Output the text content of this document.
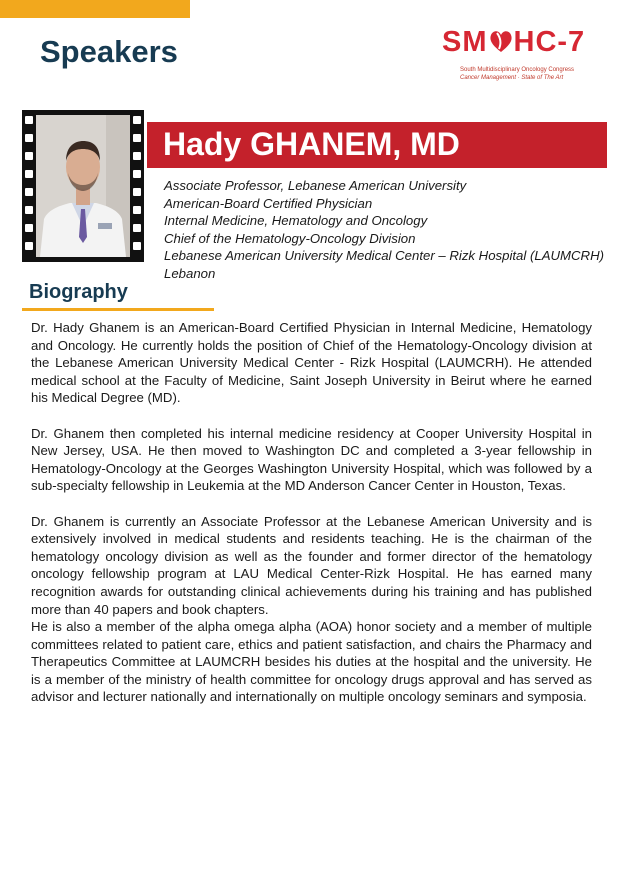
Speakers	SM HC-7
South Multidisciplinary Oncology Congress
Cancer Management · State of The Art
Hady GHANEM, MD
Associate Professor, Lebanese American University
American-Board Certified Physician
Internal Medicine, Hematology and Oncology
Chief of the Hematology-Oncology Division
Lebanese American University Medical Center – Rizk Hospital (LAUMCRH)
Lebanon
Biography

Dr. Hady Ghanem is an American-Board Certified Physician in Internal Medicine, Hematology and Oncology. He currently holds the position of Chief of the Hematology-Oncology division at the Lebanese American University Medical Center - Rizk Hospital (LAUMCRH). He attended medical school at the Faculty of Medicine, Saint Joseph University in Beirut where he earned his Medical Degree (MD).

Dr. Ghanem then completed his internal medicine residency at Cooper University Hospital in New Jersey, USA. He then moved to Washington DC and completed a 3-year fellowship in Hematology-Oncology at the Georges Washington University Hospital, which was followed by a sub-specialty fellowship in Leukemia at the MD Anderson Cancer Center in Houston, Texas.

Dr. Ghanem is currently an Associate Professor at the Lebanese American University and is extensively involved in medical students and residents teaching. He is the chairman of the hematology oncology division as well as the founder and former director of the hematology oncology fellowship program at LAU Medical Center-Rizk Hospital. He has earned many recognition awards for outstanding clinical achievements during his training and has published more than 40 papers and book chapters.

He is also a member of the alpha omega alpha (AOA) honor society and a member of multiple committees related to patient care, ethics and patient satisfaction, and chairs the Pharmacy and Therapeutics Committee at LAUMCRH besides his duties at the hospital and the university. He is a member of the ministry of health committee for oncology drugs approval and has served as advisor and lecturer nationally and internationally on multiple oncology seminars and symposia.
